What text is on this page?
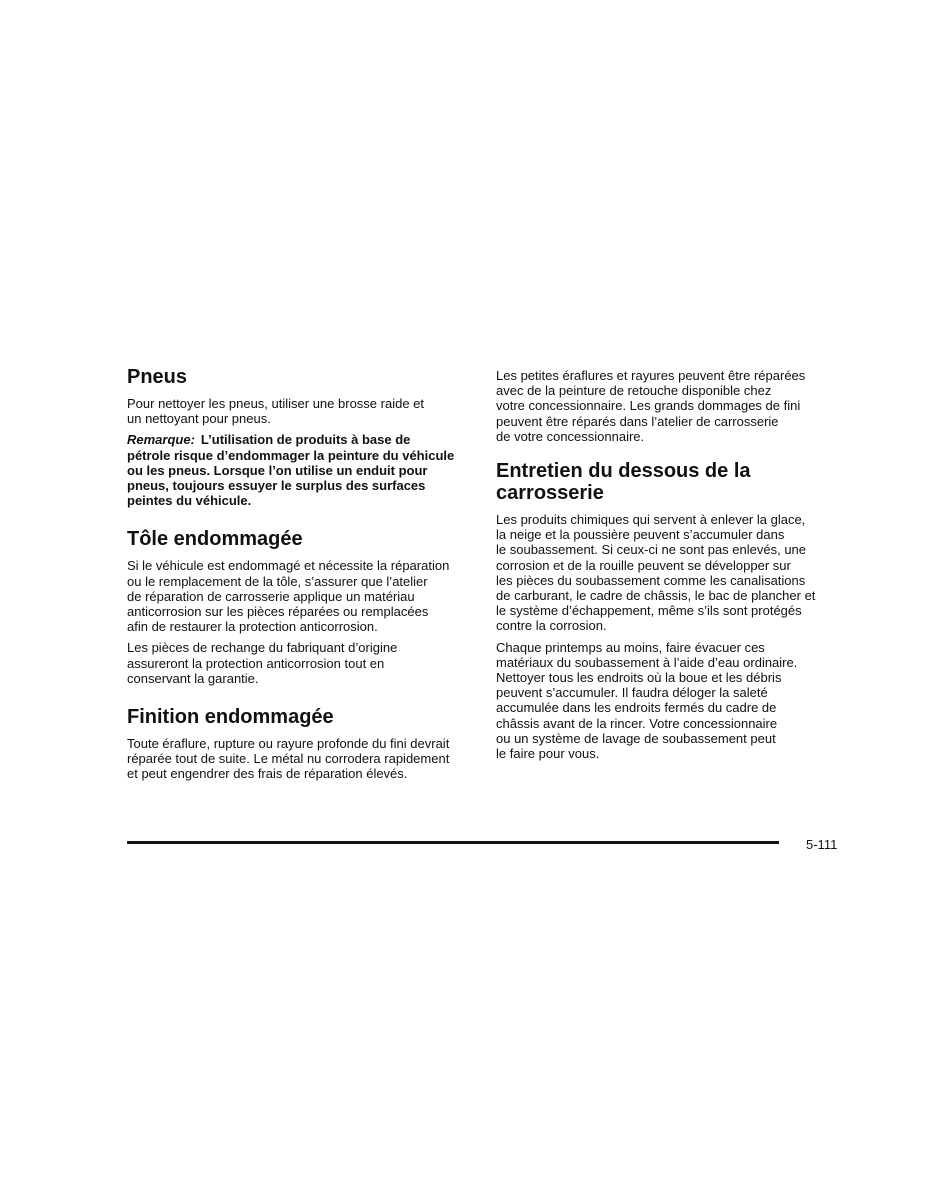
Pneus

Pour nettoyer les pneus, utiliser une brosse raide et
un nettoyant pour pneus.

Remarque: L’utilisation de produits à base de
pétrole risque d’endommager la peinture du véhicule
ou les pneus. Lorsque l’on utilise un enduit pour
pneus, toujours essuyer le surplus des surfaces
peintes du véhicule.

Tôle endommagée

Si le véhicule est endommagé et nécessite la réparation
ou le remplacement de la tôle, s’assurer que l’atelier
de réparation de carrosserie applique un matériau
anticorrosion sur les pièces réparées ou remplacées
afin de restaurer la protection anticorrosion.

Les pièces de rechange du fabriquant d’origine
assureront la protection anticorrosion tout en
conservant la garantie.

Finition endommagée

Toute éraflure, rupture ou rayure profonde du fini devrait
réparée tout de suite. Le métal nu corrodera rapidement
et peut engendrer des frais de réparation élevés.

Les petites éraflures et rayures peuvent être réparées
avec de la peinture de retouche disponible chez
votre concessionnaire. Les grands dommages de fini
peuvent être réparés dans l’atelier de carrosserie
de votre concessionnaire.

Entretien du dessous de la
carrosserie

Les produits chimiques qui servent à enlever la glace,
la neige et la poussière peuvent s’accumuler dans
le soubassement. Si ceux-ci ne sont pas enlevés, une
corrosion et de la rouille peuvent se développer sur
les pièces du soubassement comme les canalisations
de carburant, le cadre de châssis, le bac de plancher et
le système d’échappement, même s’ils sont protégés
contre la corrosion.

Chaque printemps au moins, faire évacuer ces
matériaux du soubassement à l’aide d’eau ordinaire.
Nettoyer tous les endroits où la boue et les débris
peuvent s’accumuler. Il faudra déloger la saleté
accumulée dans les endroits fermés du cadre de
châssis avant de la rincer. Votre concessionnaire
ou un système de lavage de soubassement peut
le faire pour vous.

5-111
